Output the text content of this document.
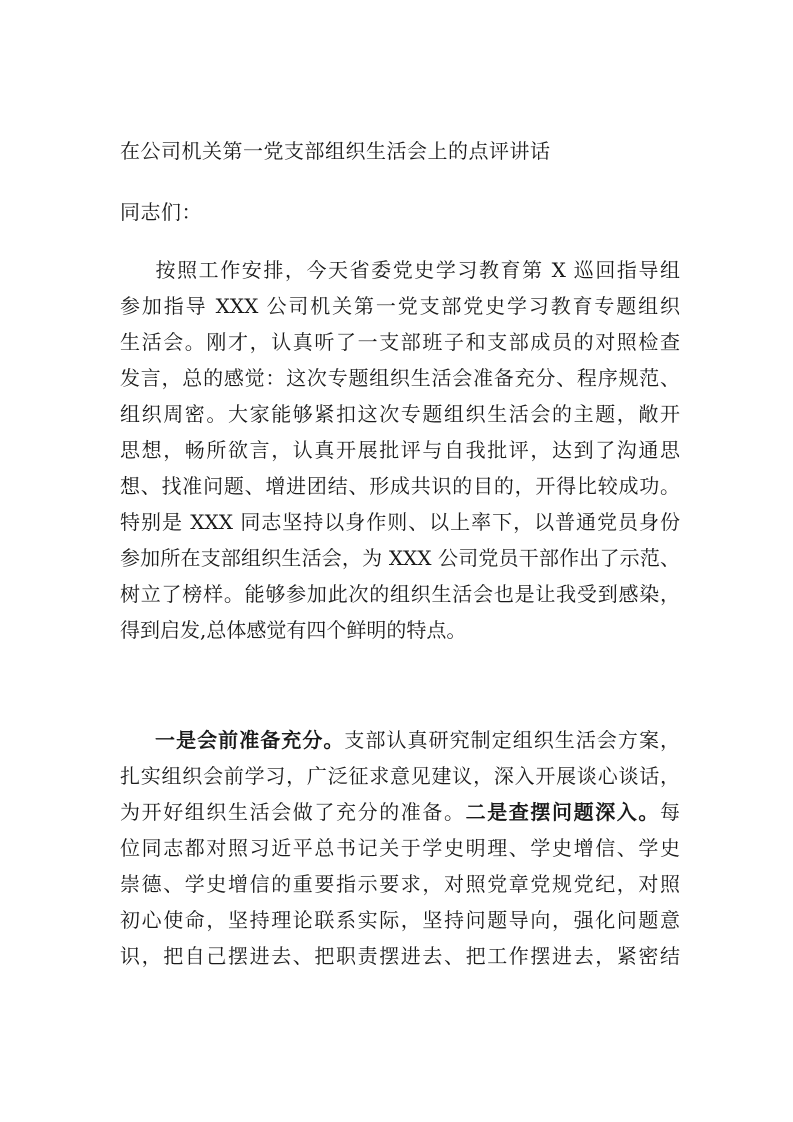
在公司机关第一党支部组织生活会上的点评讲话
同志们：
按照工作安排，今天省委党史学习教育第 X 巡回指导组
参加指导 XXX 公司机关第一党支部党史学习教育专题组织
生活会。刚才，认真听了一支部班子和支部成员的对照检查
发言，总的感觉：这次专题组织生活会准备充分、程序规范、
组织周密。大家能够紧扣这次专题组织生活会的主题，敞开
思想，畅所欲言，认真开展批评与自我批评，达到了沟通思
想、找准问题、增进团结、形成共识的目的，开得比较成功。
特别是 XXX 同志坚持以身作则、以上率下，以普通党员身份
参加所在支部组织生活会，为 XXX 公司党员干部作出了示范、
树立了榜样。能够参加此次的组织生活会也是让我受到感染，
得到启发,总体感觉有四个鲜明的特点。
一是会前准备充分。支部认真研究制定组织生活会方案，
扎实组织会前学习，广泛征求意见建议，深入开展谈心谈话，
为开好组织生活会做了充分的准备。二是查摆问题深入。每
位同志都对照习近平总书记关于学史明理、学史增信、学史
崇德、学史增信的重要指示要求，对照党章党规党纪，对照
初心使命，坚持理论联系实际，坚持问题导向，强化问题意
识，把自己摆进去、把职责摆进去、把工作摆进去，紧密结
